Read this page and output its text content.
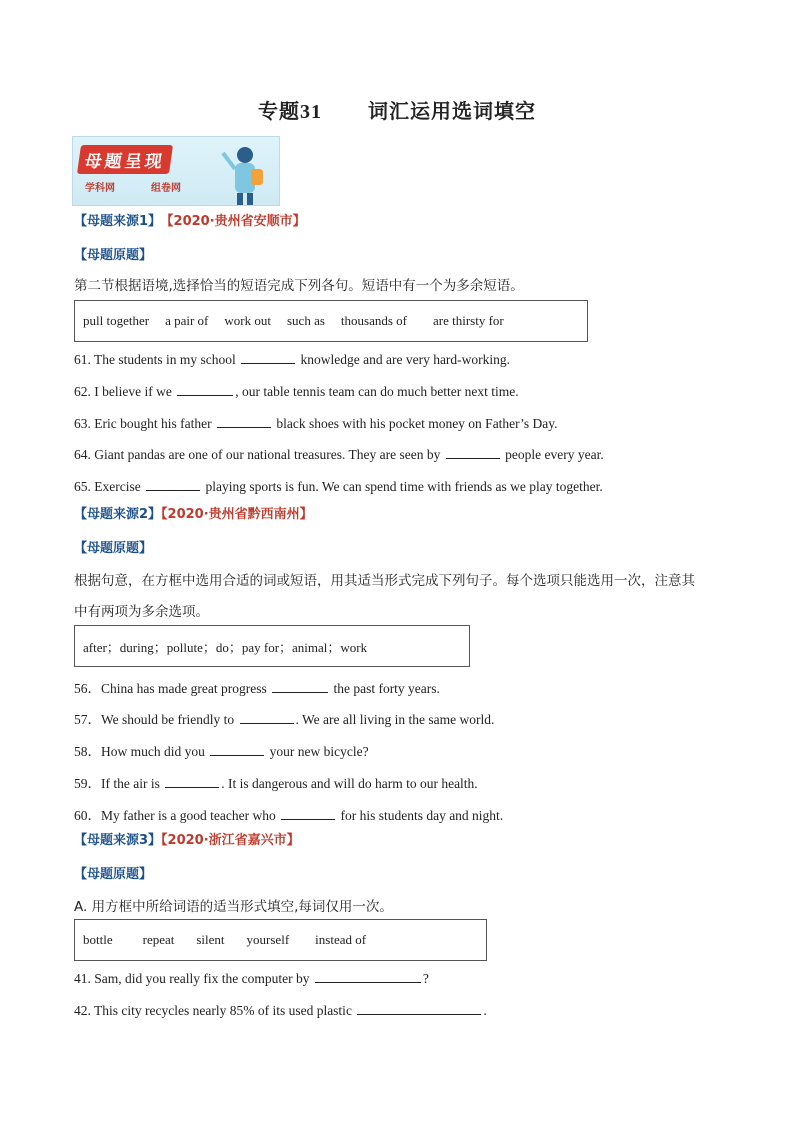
专题31 词汇运用选词填空
母题呈现
学科网	组卷网
【母题来源1】 【2020·贵州省安顺市】
【母题原题】
第二节根据语境,选择恰当的短语完成下列各句。短语中有一个为多余短语。
pull together a pair of work out such as thousands of are thirsty for
61. The students in my school	knowledge and are very hard-working.
62. I believe if we	, our table tennis team can do much better next time.
63. Eric bought his father	black shoes with his pocket money on Father’s Day.
64. Giant pandas are one of our national treasures. They are seen by	people every year.
65. Exercise	playing sports is fun. We can spend time with friends as we play together.
【母题来源2】【2020·贵州省黔西南州】
【母题原题】
根据句意，在方框中选用合适的词或短语，用其适当形式完成下列句子。每个选项只能选用一次，注意其
中有两项为多余选项。
after；during；pollute；do；pay for；animal；work
56．China has made great progress	the past forty years.
57．We should be friendly to	. We are all living in the same world.
58．How much did you	your new bicycle?
59．If the air is	. It is dangerous and will do harm to our health.
60．My father is a good teacher who	for his students day and night.
【母题来源3】【2020·浙江省嘉兴市】
【母题原题】
A. 用方框中所给词语的适当形式填空,每词仅用一次。
bottle repeat silent yourself instead of
41. Sam, did you really fix the computer by	?
42. This city recycles nearly 85% of its used plastic	.
